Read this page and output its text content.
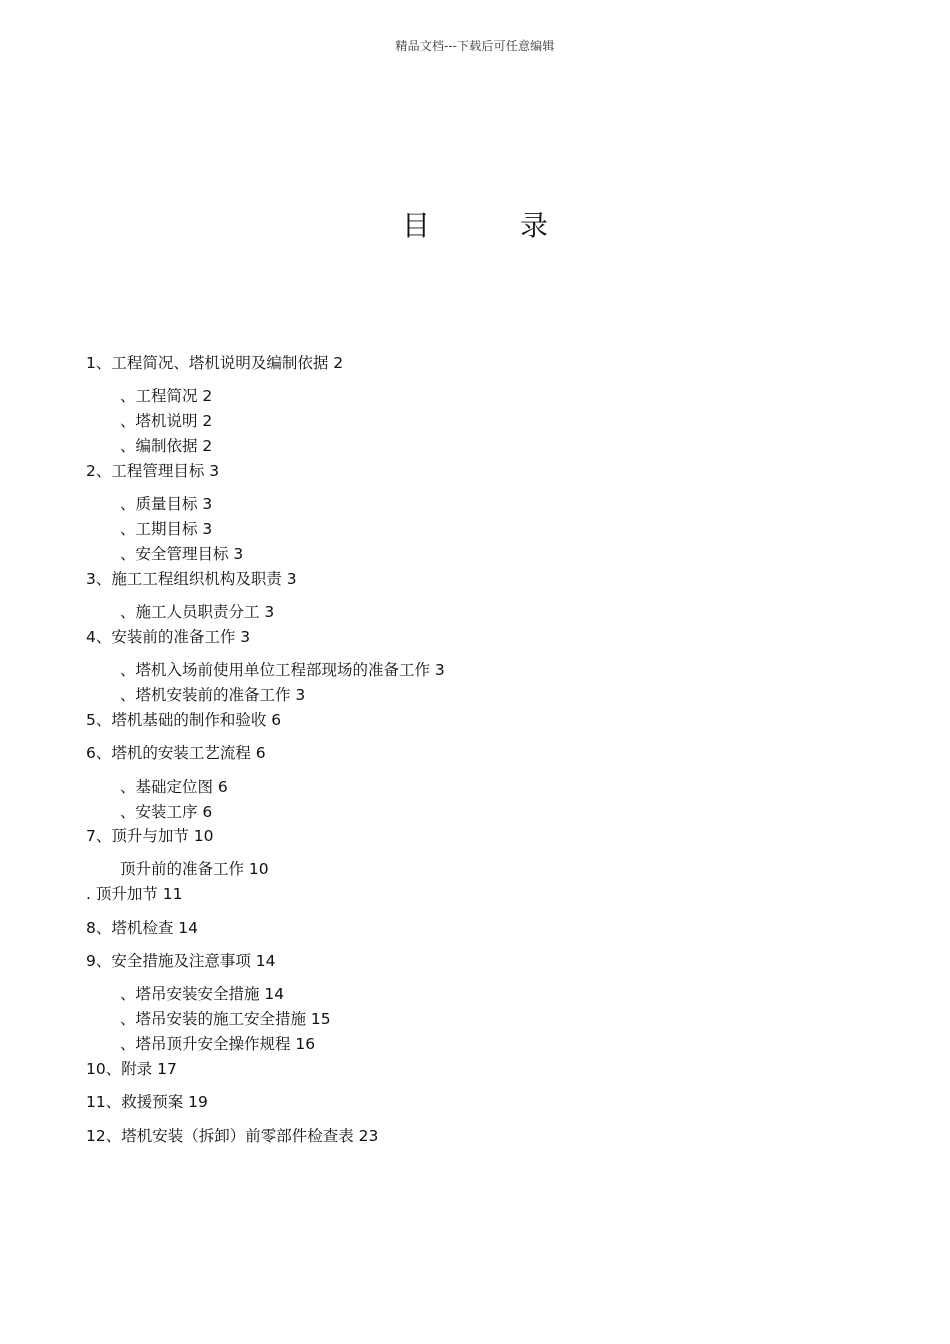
精品文档---下载后可任意编辑
目	录
1、工程简况、塔机说明及编制依据 2
、工程简况 2
、塔机说明 2
、编制依据 2
2、工程管理目标 3
、质量目标 3
、工期目标 3
、安全管理目标 3
3、施工工程组织机构及职责 3
、施工人员职责分工 3
4、安装前的准备工作 3
、塔机入场前使用单位工程部现场的准备工作 3
、塔机安装前的准备工作 3
5、塔机基础的制作和验收 6
6、塔机的安装工艺流程 6
、基础定位图 6
、安装工序 6
7、顶升与加节 10
顶升前的准备工作 10
. 顶升加节 11
8、塔机检查 14
9、安全措施及注意事项 14
、塔吊安装安全措施 14
、塔吊安装的施工安全措施 15
、塔吊顶升安全操作规程 16
10、附录 17
11、救援预案 19
12、塔机安装（拆卸）前零部件检查表 23
